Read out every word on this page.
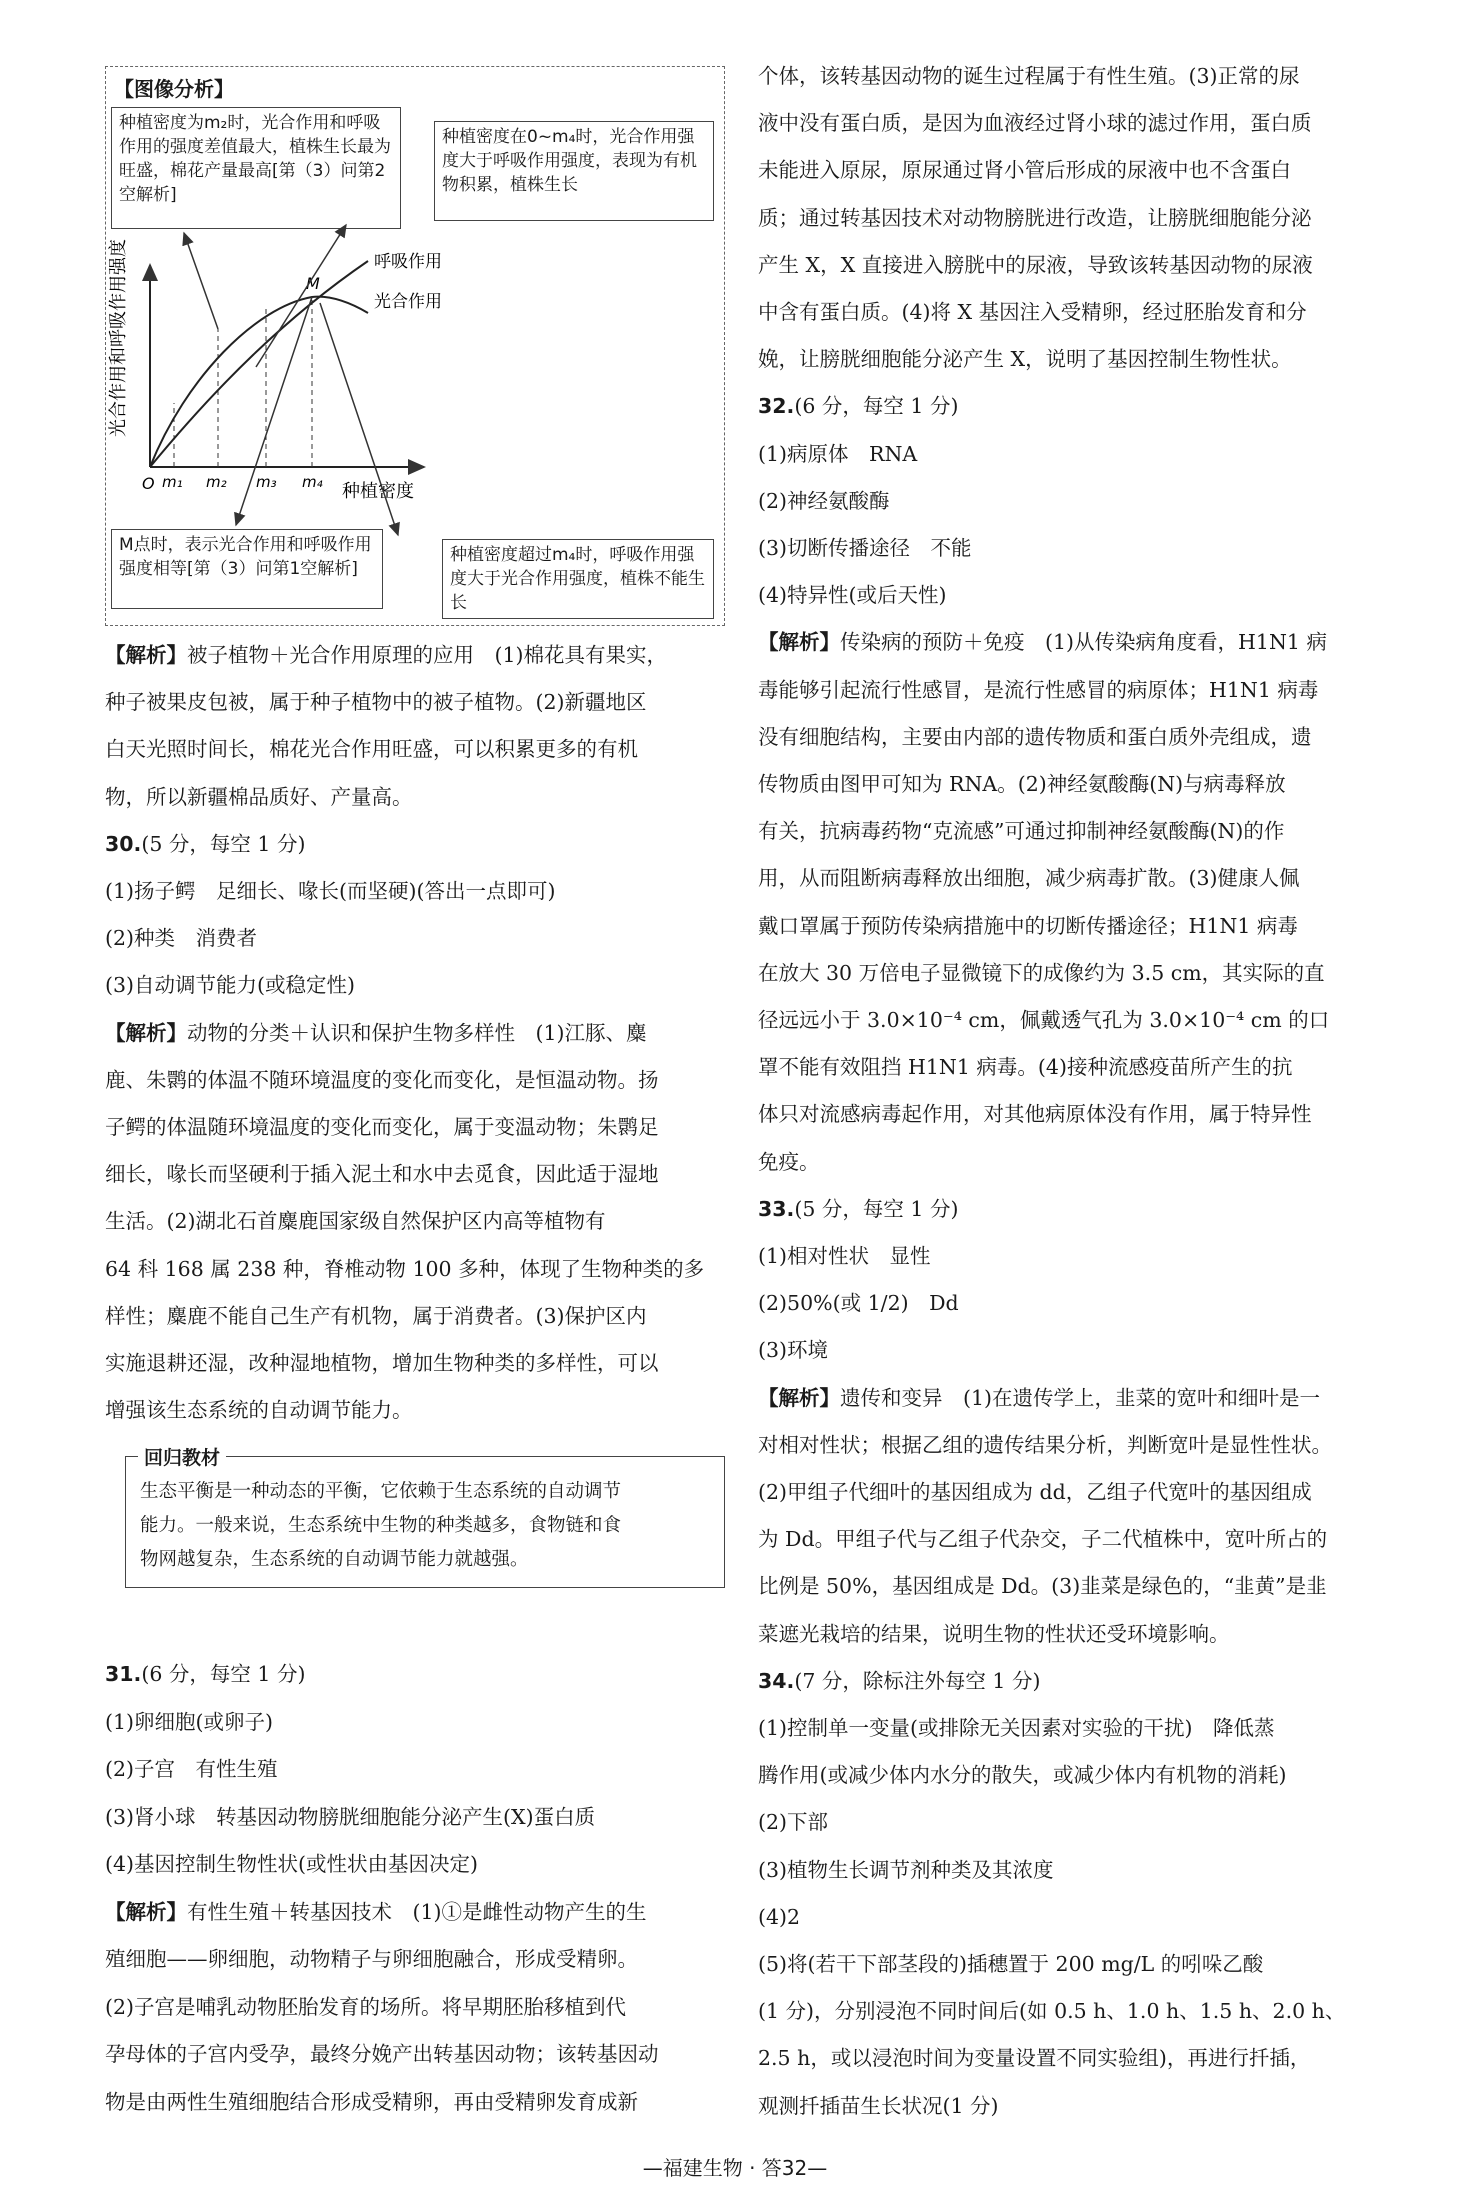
【图像分析】
种植密度为m₂时，光合作用和呼吸作用的强度差值最大，植株生长最为旺盛，棉花产量最高[第（3）问第2空解析]
种植密度在0~m₄时，光合作用强度大于呼吸作用强度，表现为有机物积累，植株生长
M点时，表示光合作用和呼吸作用强度相等[第（3）问第1空解析]
种植密度超过m₄时，呼吸作用强度大于光合作用强度，植株不能生长
光合作用和呼吸作用强度
种植密度
O m₁ m₂ m₃ m₄
M
呼吸作用
光合作用
【解析】被子植物＋光合作用原理的应用　(1)棉花具有果实，
种子被果皮包被，属于种子植物中的被子植物。(2)新疆地区
白天光照时间长，棉花光合作用旺盛，可以积累更多的有机
物，所以新疆棉品质好、产量高。
30.(5 分，每空 1 分)
(1)扬子鳄　足细长、喙长(而坚硬)(答出一点即可)
(2)种类　消费者
(3)自动调节能力(或稳定性)
【解析】动物的分类＋认识和保护生物多样性　(1)江豚、麋
鹿、朱鹮的体温不随环境温度的变化而变化，是恒温动物。扬
子鳄的体温随环境温度的变化而变化，属于变温动物；朱鹮足
细长，喙长而坚硬利于插入泥土和水中去觅食，因此适于湿地
生活。(2)湖北石首麋鹿国家级自然保护区内高等植物有
64 科 168 属 238 种，脊椎动物 100 多种，体现了生物种类的多
样性；麋鹿不能自己生产有机物，属于消费者。(3)保护区内
实施退耕还湿，改种湿地植物，增加生物种类的多样性，可以
增强该生态系统的自动调节能力。
回归教材
生态平衡是一种动态的平衡，它依赖于生态系统的自动调节
能力。一般来说，生态系统中生物的种类越多，食物链和食
物网越复杂，生态系统的自动调节能力就越强。
31.(6 分，每空 1 分)
(1)卵细胞(或卵子)
(2)子宫　有性生殖
(3)肾小球　转基因动物膀胱细胞能分泌产生(X)蛋白质
(4)基因控制生物性状(或性状由基因决定)
【解析】有性生殖＋转基因技术　(1)①是雌性动物产生的生
殖细胞——卵细胞，动物精子与卵细胞融合，形成受精卵。
(2)子宫是哺乳动物胚胎发育的场所。将早期胚胎移植到代
孕母体的子宫内受孕，最终分娩产出转基因动物；该转基因动
物是由两性生殖细胞结合形成受精卵，再由受精卵发育成新
个体，该转基因动物的诞生过程属于有性生殖。(3)正常的尿
液中没有蛋白质，是因为血液经过肾小球的滤过作用，蛋白质
未能进入原尿，原尿通过肾小管后形成的尿液中也不含蛋白
质；通过转基因技术对动物膀胱进行改造，让膀胱细胞能分泌
产生 X，X 直接进入膀胱中的尿液，导致该转基因动物的尿液
中含有蛋白质。(4)将 X 基因注入受精卵，经过胚胎发育和分
娩，让膀胱细胞能分泌产生 X，说明了基因控制生物性状。
32.(6 分，每空 1 分)
(1)病原体　RNA
(2)神经氨酸酶
(3)切断传播途径　不能
(4)特异性(或后天性)
【解析】传染病的预防＋免疫　(1)从传染病角度看，H1N1 病
毒能够引起流行性感冒，是流行性感冒的病原体；H1N1 病毒
没有细胞结构，主要由内部的遗传物质和蛋白质外壳组成，遗
传物质由图甲可知为 RNA。(2)神经氨酸酶(N)与病毒释放
有关，抗病毒药物“克流感”可通过抑制神经氨酸酶(N)的作
用，从而阻断病毒释放出细胞，减少病毒扩散。(3)健康人佩
戴口罩属于预防传染病措施中的切断传播途径；H1N1 病毒
在放大 30 万倍电子显微镜下的成像约为 3.5 cm，其实际的直
径远远小于 3.0×10⁻⁴ cm，佩戴透气孔为 3.0×10⁻⁴ cm 的口
罩不能有效阻挡 H1N1 病毒。(4)接种流感疫苗所产生的抗
体只对流感病毒起作用，对其他病原体没有作用，属于特异性
免疫。
33.(5 分，每空 1 分)
(1)相对性状　显性
(2)50%(或 1/2)　Dd
(3)环境
【解析】遗传和变异　(1)在遗传学上，韭菜的宽叶和细叶是一
对相对性状；根据乙组的遗传结果分析，判断宽叶是显性性状。
(2)甲组子代细叶的基因组成为 dd，乙组子代宽叶的基因组成
为 Dd。甲组子代与乙组子代杂交，子二代植株中，宽叶所占的
比例是 50%，基因组成是 Dd。(3)韭菜是绿色的，“韭黄”是韭
菜遮光栽培的结果，说明生物的性状还受环境影响。
34.(7 分，除标注外每空 1 分)
(1)控制单一变量(或排除无关因素对实验的干扰)　降低蒸
腾作用(或减少体内水分的散失，或减少体内有机物的消耗)
(2)下部
(3)植物生长调节剂种类及其浓度
(4)2
(5)将(若干下部茎段的)插穗置于 200 mg/L 的吲哚乙酸
(1 分)，分别浸泡不同时间后(如 0.5 h、1.0 h、1.5 h、2.0 h、
2.5 h，或以浸泡时间为变量设置不同实验组)，再进行扦插，
观测扦插苗生长状况(1 分)
—福建生物 · 答32—
